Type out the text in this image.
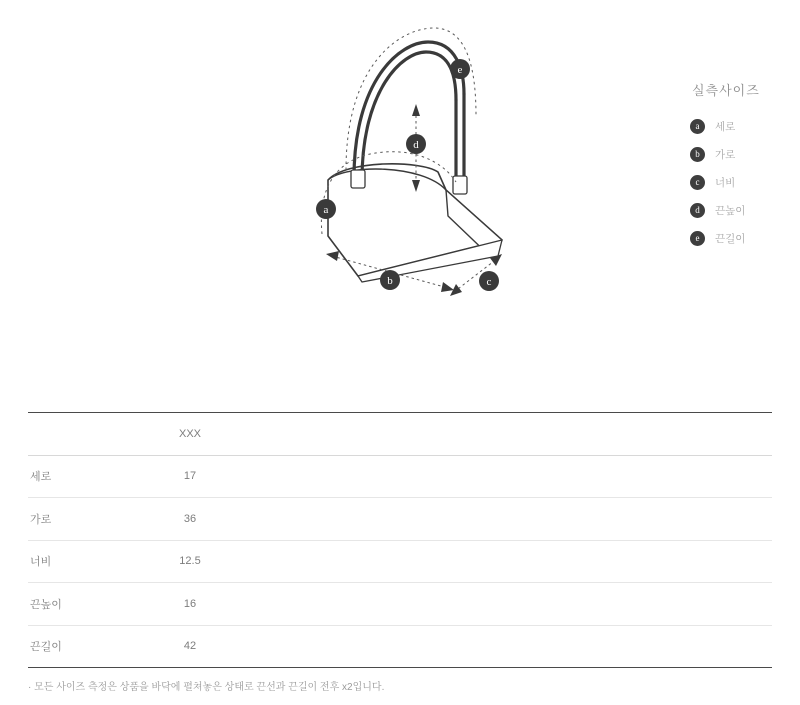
e
d
a
b	c
실측사이즈
a	세로
b	가로
c	너비
d	끈높이
e	끈길이
	XXX	
세로	17	
가로	36	
너비	12.5	
끈높이	16	
끈길이	42	
· 모든 사이즈 측정은 상품을 바닥에 펼쳐놓은 상태로 끈선과 끈길이 전후 x2입니다.
